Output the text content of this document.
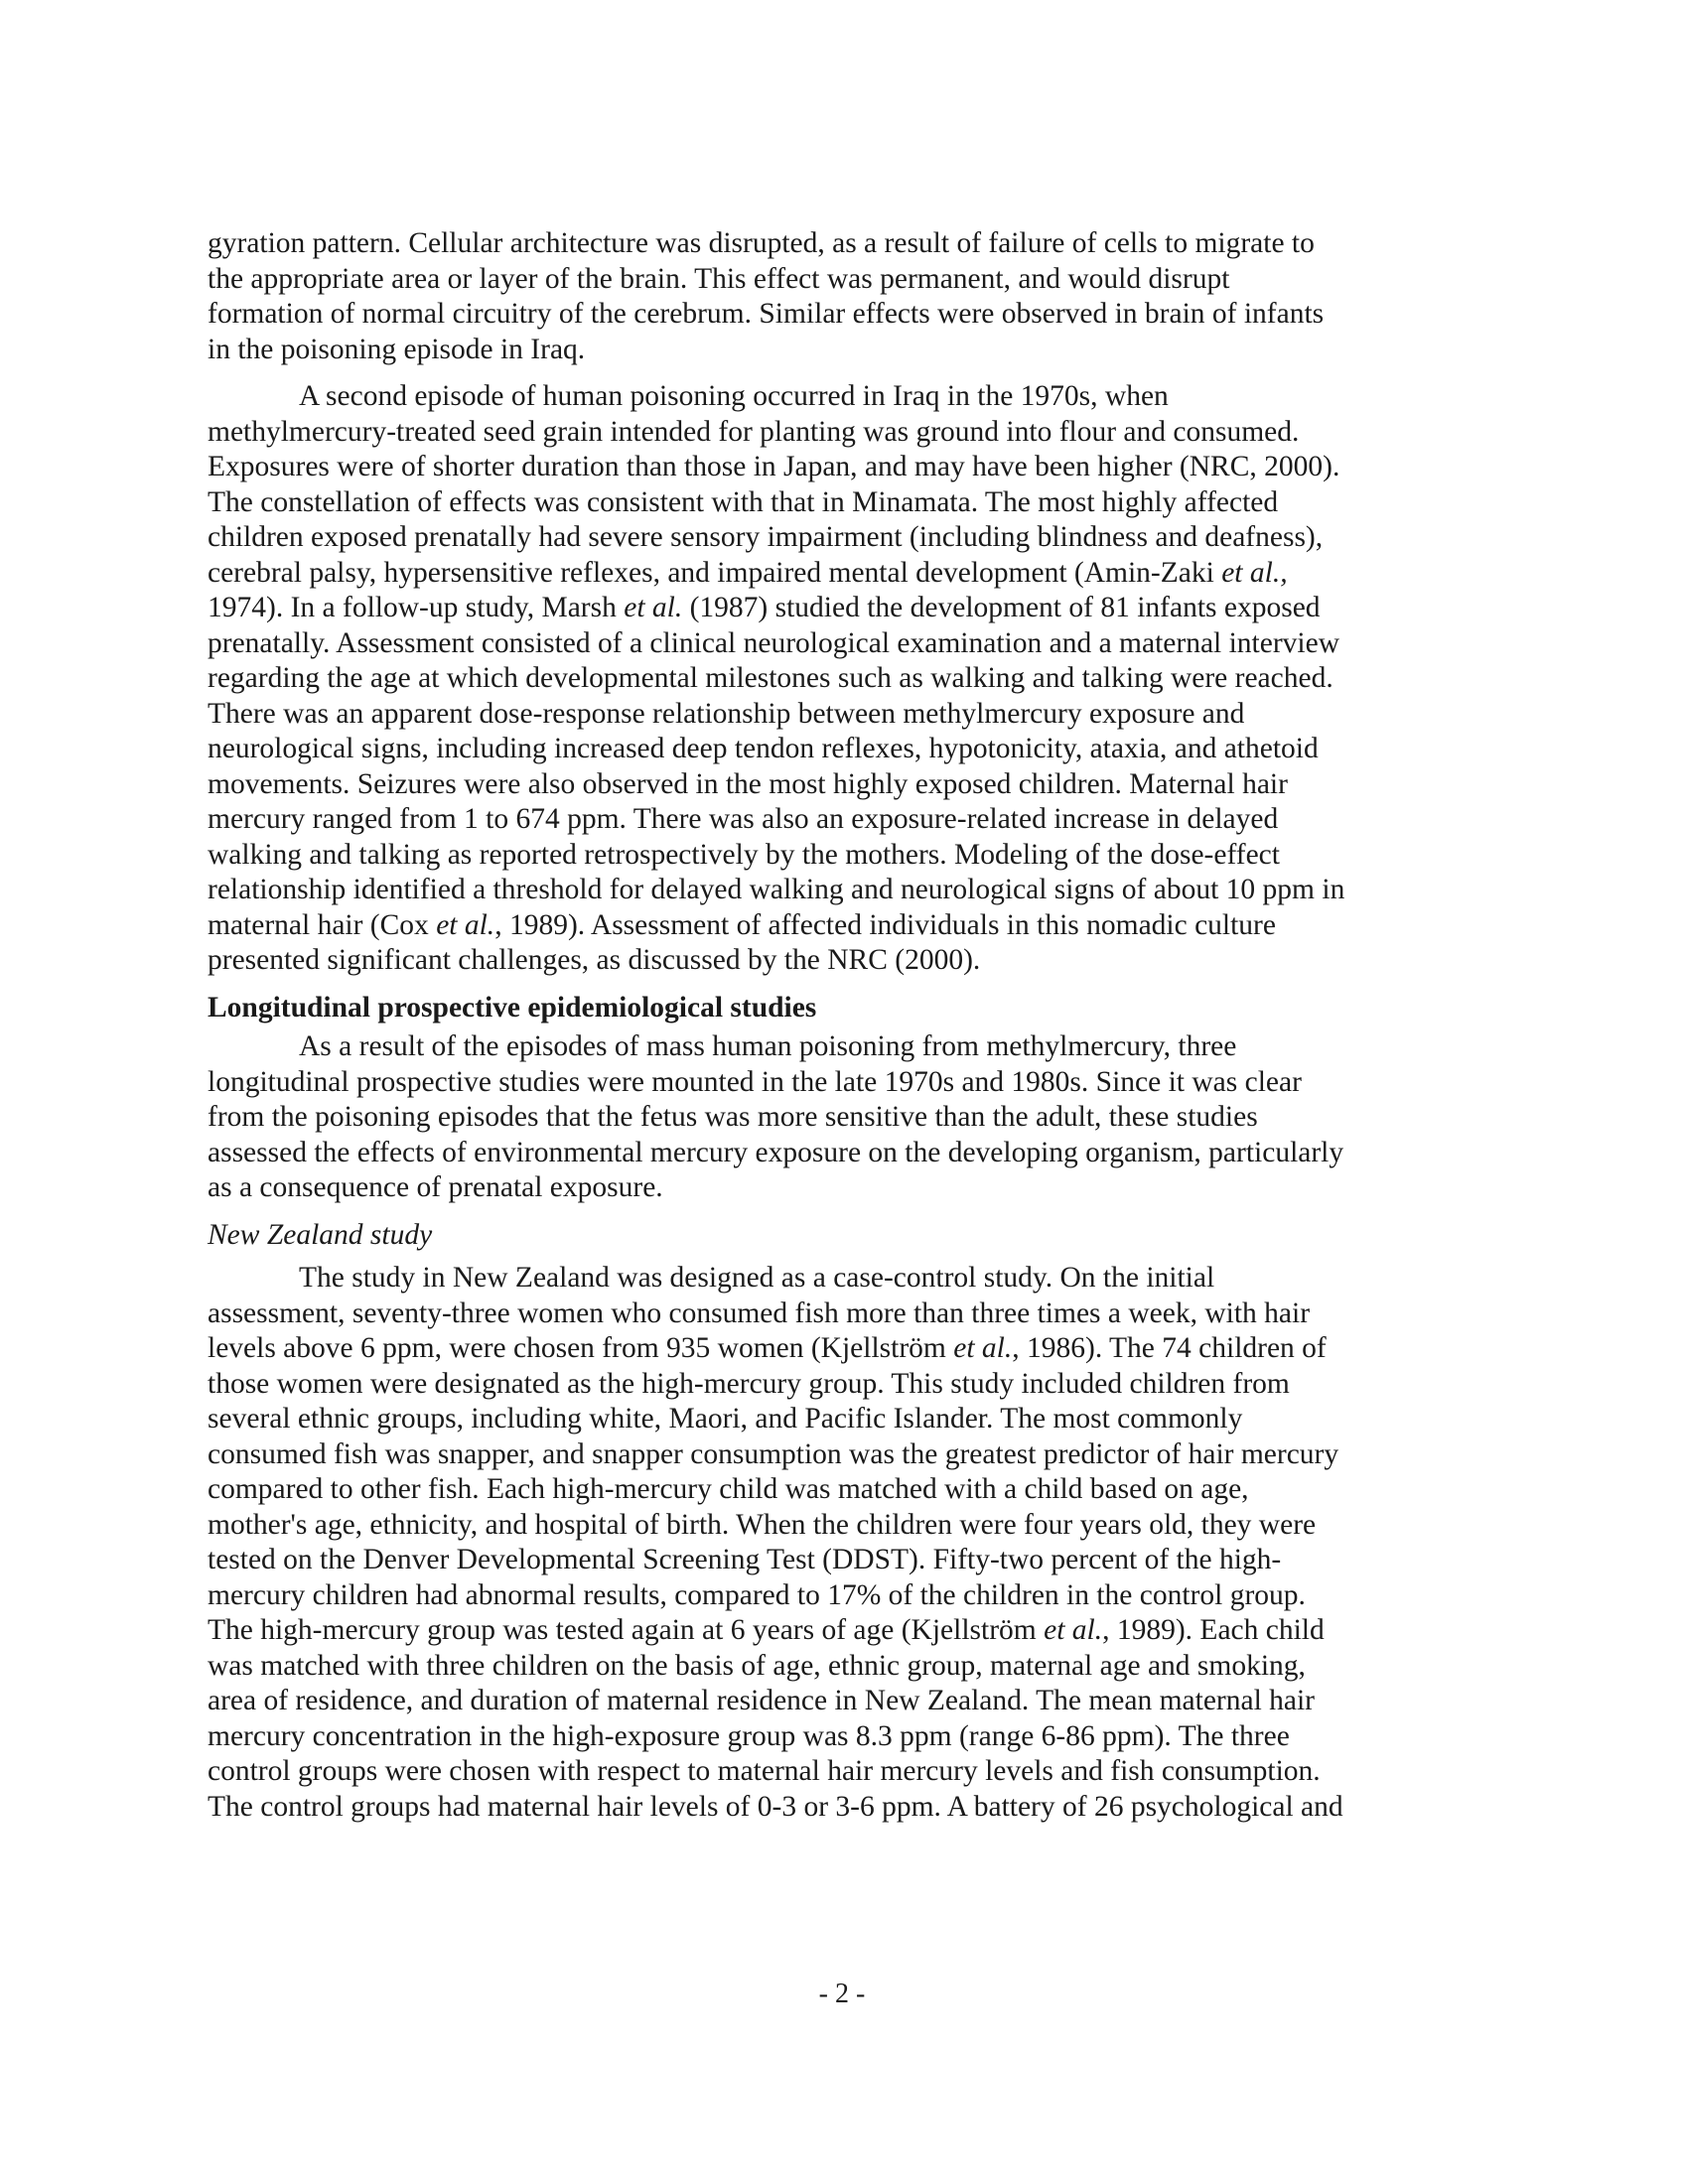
gyration pattern. Cellular architecture was disrupted, as a result of failure of cells to migrate to
the appropriate area or layer of the brain. This effect was permanent, and would disrupt
formation of normal circuitry of the cerebrum. Similar effects were observed in brain of infants
in the poisoning episode in Iraq.
A second episode of human poisoning occurred in Iraq in the 1970s, when
methylmercury-treated seed grain intended for planting was ground into flour and consumed.
Exposures were of shorter duration than those in Japan, and may have been higher (NRC, 2000).
The constellation of effects was consistent with that in Minamata. The most highly affected
children exposed prenatally had severe sensory impairment (including blindness and deafness),
cerebral palsy, hypersensitive reflexes, and impaired mental development (Amin-Zaki et al.,
1974). In a follow-up study, Marsh et al. (1987) studied the development of 81 infants exposed
prenatally. Assessment consisted of a clinical neurological examination and a maternal interview
regarding the age at which developmental milestones such as walking and talking were reached.
There was an apparent dose-response relationship between methylmercury exposure and
neurological signs, including increased deep tendon reflexes, hypotonicity, ataxia, and athetoid
movements. Seizures were also observed in the most highly exposed children. Maternal hair
mercury ranged from 1 to 674 ppm. There was also an exposure-related increase in delayed
walking and talking as reported retrospectively by the mothers. Modeling of the dose-effect
relationship identified a threshold for delayed walking and neurological signs of about 10 ppm in
maternal hair (Cox et al., 1989). Assessment of affected individuals in this nomadic culture
presented significant challenges, as discussed by the NRC (2000).
Longitudinal prospective epidemiological studies
As a result of the episodes of mass human poisoning from methylmercury, three
longitudinal prospective studies were mounted in the late 1970s and 1980s. Since it was clear
from the poisoning episodes that the fetus was more sensitive than the adult, these studies
assessed the effects of environmental mercury exposure on the developing organism, particularly
as a consequence of prenatal exposure.
New Zealand study
The study in New Zealand was designed as a case-control study. On the initial
assessment, seventy-three women who consumed fish more than three times a week, with hair
levels above 6 ppm, were chosen from 935 women (Kjellström et al., 1986). The 74 children of
those women were designated as the high-mercury group. This study included children from
several ethnic groups, including white, Maori, and Pacific Islander. The most commonly
consumed fish was snapper, and snapper consumption was the greatest predictor of hair mercury
compared to other fish. Each high-mercury child was matched with a child based on age,
mother's age, ethnicity, and hospital of birth. When the children were four years old, they were
tested on the Denver Developmental Screening Test (DDST). Fifty-two percent of the high-
mercury children had abnormal results, compared to 17% of the children in the control group.
The high-mercury group was tested again at 6 years of age (Kjellström et al., 1989). Each child
was matched with three children on the basis of age, ethnic group, maternal age and smoking,
area of residence, and duration of maternal residence in New Zealand. The mean maternal hair
mercury concentration in the high-exposure group was 8.3 ppm (range 6-86 ppm). The three
control groups were chosen with respect to maternal hair mercury levels and fish consumption.
The control groups had maternal hair levels of 0-3 or 3-6 ppm. A battery of 26 psychological and
- 2 -
